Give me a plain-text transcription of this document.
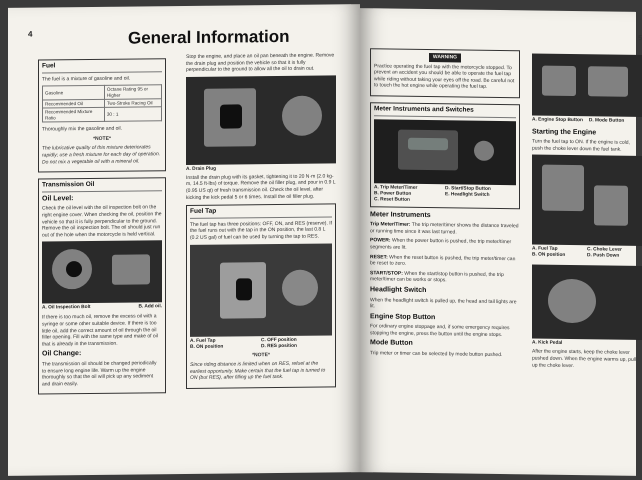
4	General Information
Fuel

The fuel is a mixture of gasoline and oil.

Gasoline	Octane Rating 95 or Higher
Recommended Oil	Two-Stroke Racing Oil
Recommended Mixture Ratio	30 : 1

Thoroughly mix the gasoline and oil.

*NOTE*

The lubricative quality of this mixture deteriorates rapidly; use a fresh mixture for each day of operation. Do not mix a vegetable oil with a mineral oil.

Transmission Oil
Oil Level:

Check the oil level with the oil inspection bolt on the right engine cover. When checking the oil, position the vehicle so that it is fully perpendicular to the ground. Remove the oil inspection bolt. The oil should just run out of the hole when the motorcycle is held vertical.

A. Oil Inspection Bolt	B. Add oil.

If there is too much oil, remove the excess oil with a syringe or some other suitable device. If there is too little oil, add the correct amount of oil through the oil filler opening. Fill with the same type and make of oil that is already in the transmission.

Oil Change:

The transmission oil should be changed periodically to ensure long engine life. Warm up the engine thoroughly so that the oil will pick up any sediment and drain easily.

Stop the engine, and place an oil pan beneath the engine. Remove the drain plug and position the vehicle so that it is fully perpendicular to the ground to allow all the oil to drain out.

A. Drain Plug

Install the drain plug with its gasket, tightening it to 20 N·m (2.0 kg-m, 14.5 ft-lbs) of torque. Remove the oil filler plug, and pour in 0.9 L (0.95 US qt) of fresh transmission oil. Check the oil level, after kicking the kick pedal 5 or 6 times. Install the oil filler plug.

Fuel Tap

The fuel tap has three positions: OFF, ON, and RES (reserve). If the fuel runs out with the tap in the ON position, the last 0.8 L (0.2 US gal) of fuel can be used by turning the tap to RES.

A. Fuel Tap	C. OFF position
B. ON position	D. RES position

*NOTE*

Since riding distance is limited when on RES, refuel at the earliest opportunity. Make certain that the fuel tap is turned to ON (but RES), after filling up the fuel tank.

WARNING

Practice operating the fuel tap with the motorcycle stopped. To prevent an accident you should be able to operate the fuel tap while riding without taking your eyes off the road. Be careful not to touch the hot engine while operating the fuel tap.

Meter Instruments and Switches
A. Trip Meter/Timer	D. Start/Stop Button
B. Power Button	E. Headlight Switch
C. Reset Button
Meter Instruments

Trip Meter/Timer: The trip meter/timer shows the distance traveled or running time since it was last turned.

POWER: When the power button is pushed, the trip meter/timer segments are lit.

RESET: When the reset button is pushed, the trip meter/timer can be reset to zero.

START/STOP: When the start/stop button is pushed, the trip meter/timer can be works or stops.

Headlight Switch

When the headlight switch is pulled up, the head and tail lights are lit.

Engine Stop Button

For ordinary engine stoppage and, if some emergency requires stopping the engine, press the button until the engine stops.

Mode Button

Trip meter or timer can be selected by mode button pushed.

5
A. Engine Stop Button D. Mode Button
Starting the Engine

Turn the fuel tap to ON. If the engine is cold, push the choke lever down the fuel tank.

A. Fuel Tap	C. Choke Lever
B. ON position	D. Push Down
A. Kick Pedal

After the engine starts, keep the choke lever pushed down. When the engine warms up, pull up the choke lever.
